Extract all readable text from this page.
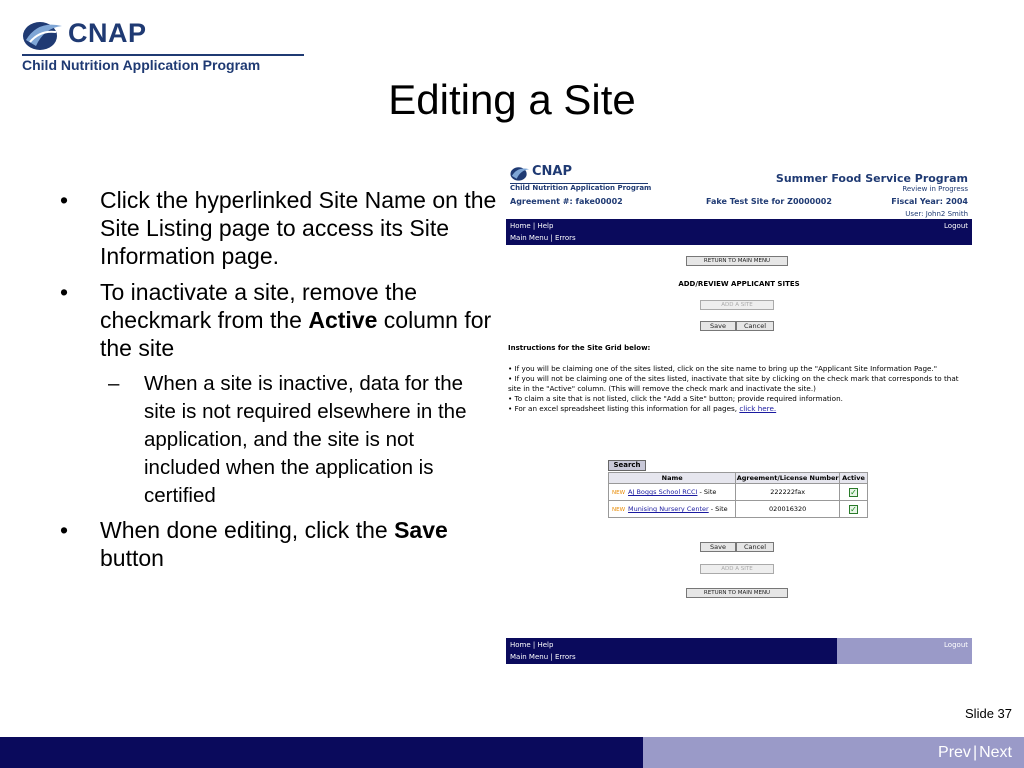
CNAP
Child Nutrition Application Program
Editing a Site
• Click the hyperlinked Site Name on the Site Listing page to access its Site Information page.
• To inactivate a site, remove the checkmark from the Active column for the site
– When a site is inactive, data for the site is not required elsewhere in the application, and the site is not included when the application is certified
• When done editing, click the Save button
CNAP
Child Nutrition Application Program
Summer Food Service Program
Review in Progress
Agreement #: fake00002	Fake Test Site for Z0000002	Fiscal Year: 2004
User: John2 Smith
Home | Help
Main Menu | Errors
Logout
RETURN TO MAIN MENU
ADD/REVIEW APPLICANT SITES
ADD A SITE
Save	Cancel
Instructions for the Site Grid below:
• If you will be claiming one of the sites listed, click on the site name to bring up the "Applicant Site Information Page."
• If you will not be claiming one of the sites listed, inactivate that site by clicking on the check mark that corresponds to that site in the "Active" column. (This will remove the check mark and inactivate the site.)
• To claim a site that is not listed, click the "Add a Site" button; provide required information.
• For an excel spreadsheet listing this information for all pages, click here.
Search
Name	Agreement/License Number	Active
NEW AJ Boggs School RCCI - Site	222222fax	✓
NEW Munising Nursery Center - Site	020016320	✓
Save	Cancel
ADD A SITE
RETURN TO MAIN MENU
Home | Help
Main Menu | Errors
Logout
Slide 37
Prev | Next
